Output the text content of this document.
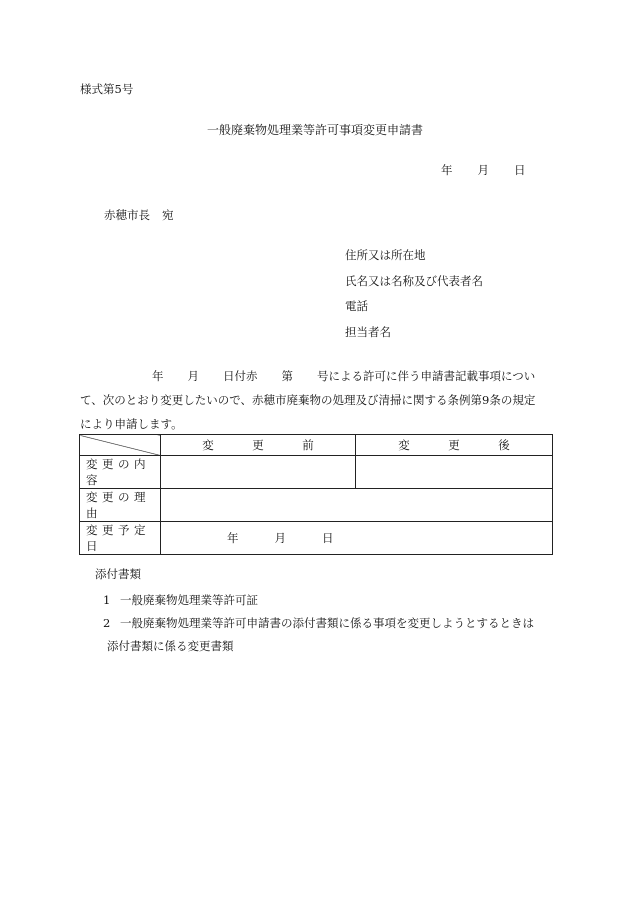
様式第5号
一般廃棄物処理業等許可事項変更申請書
年 月 日
赤穂市長 宛
住所又は所在地
氏名又は名称及び代表者名
電話
担当者名
年 月 日付赤 第 号による許可に伴う申請書記載事項につい
て、次のとおり変更したいので、赤穂市廃棄物の処理及び清掃に関する条例第9条の規定
により申請します。
	変 更 前	変 更 後
変更の内容		
変更の理由		
変更予定日	年 月 日	
添付書類
1 一般廃棄物処理業等許可証
2 一般廃棄物処理業等許可申請書の添付書類に係る事項を変更しようとするときは
添付書類に係る変更書類
